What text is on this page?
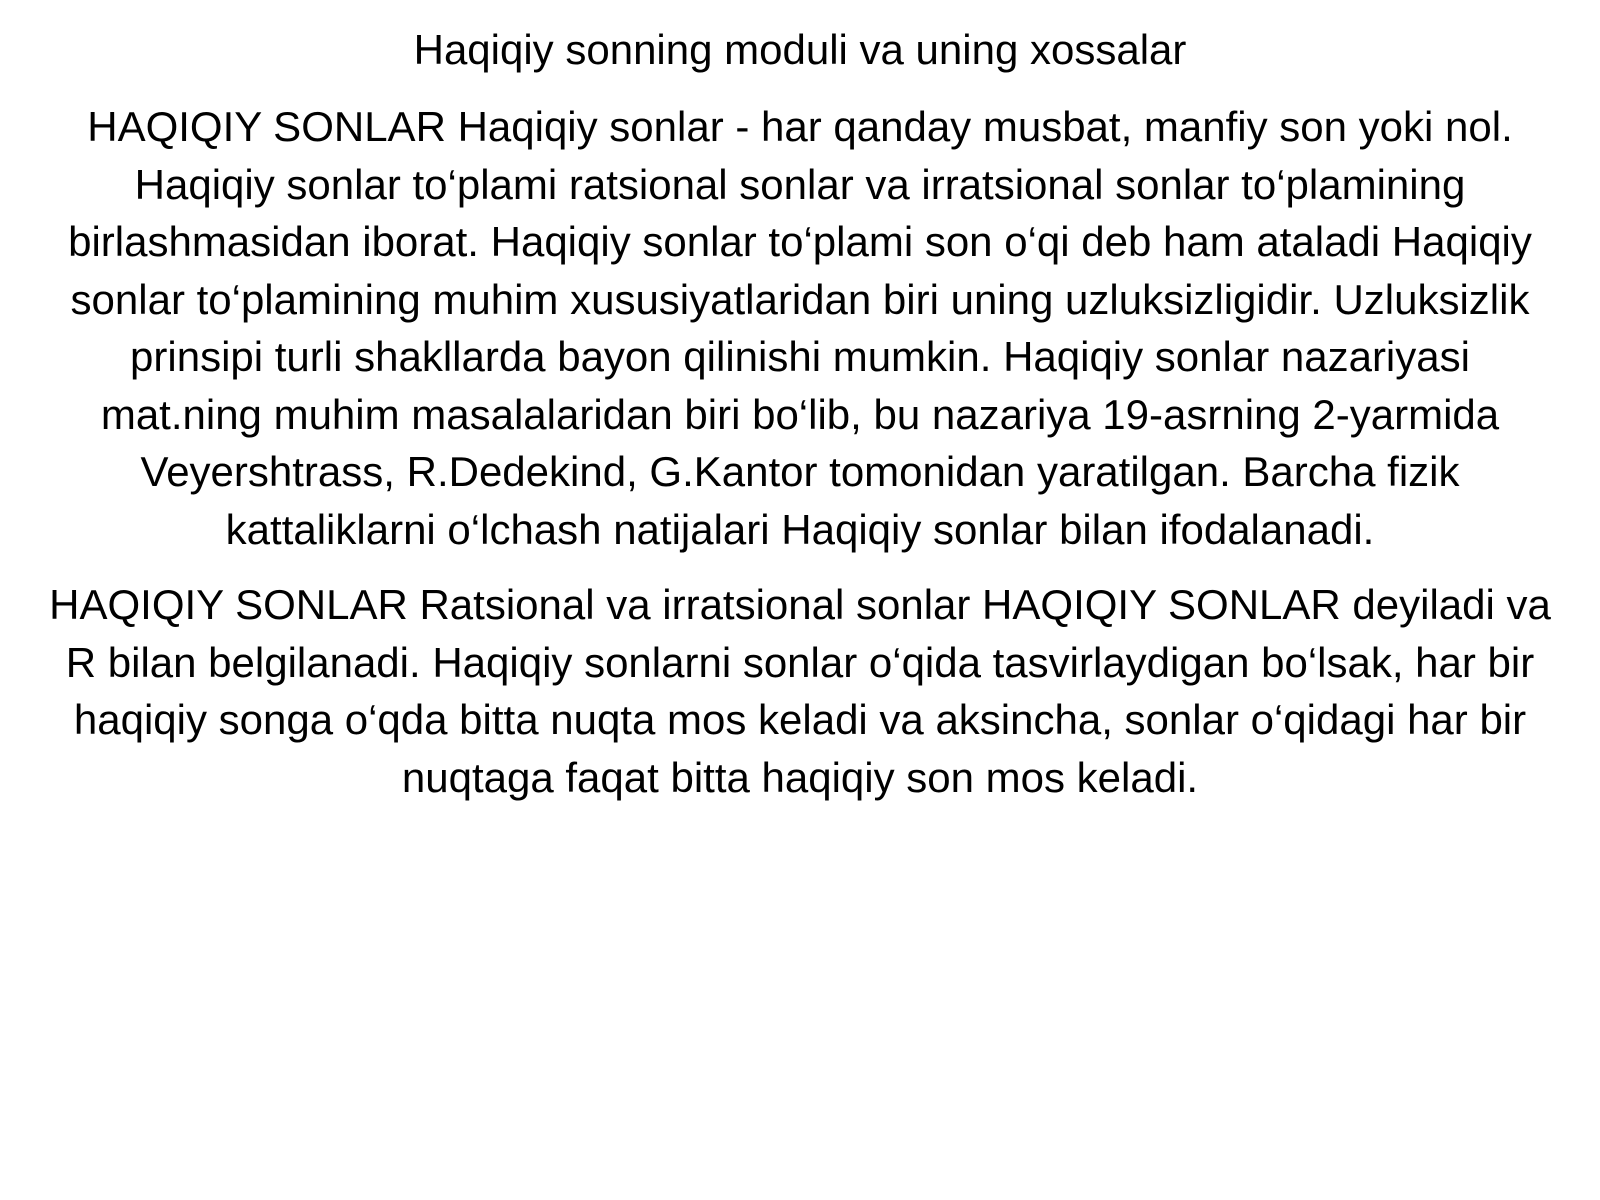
Haqiqiy sonning moduli va uning xossalar

HAQIQIY SONLAR Haqiqiy sonlar - har qanday musbat, manfiy son yoki nol. Haqiqiy sonlar to‘plami ratsional sonlar va irratsional sonlar to‘plamining birlashmasidan iborat. Haqiqiy sonlar to‘plami son o‘qi deb ham ataladi Haqiqiy sonlar to‘plamining muhim xususiyatlaridan biri uning uzluksizligidir. Uzluksizlik prinsipi turli shakllarda bayon qilinishi mumkin. Haqiqiy sonlar nazariyasi mat.ning muhim masalalaridan biri bo‘lib, bu nazariya 19-asrning 2-yarmida Veyershtrass, R.Dedekind, G.Kantor tomonidan yaratilgan. Barcha fizik kattaliklarni o‘lchash natijalari Haqiqiy sonlar bilan ifodalanadi.

HAQIQIY SONLAR Ratsional va irratsional sonlar HAQIQIY SONLAR deyiladi va R bilan belgilanadi. Haqiqiy sonlarni sonlar o‘qida tasvirlaydigan bo‘lsak, har bir haqiqiy songa o‘qda bitta nuqta mos keladi va aksincha, sonlar o‘qidagi har bir nuqtaga faqat bitta haqiqiy son mos keladi.
